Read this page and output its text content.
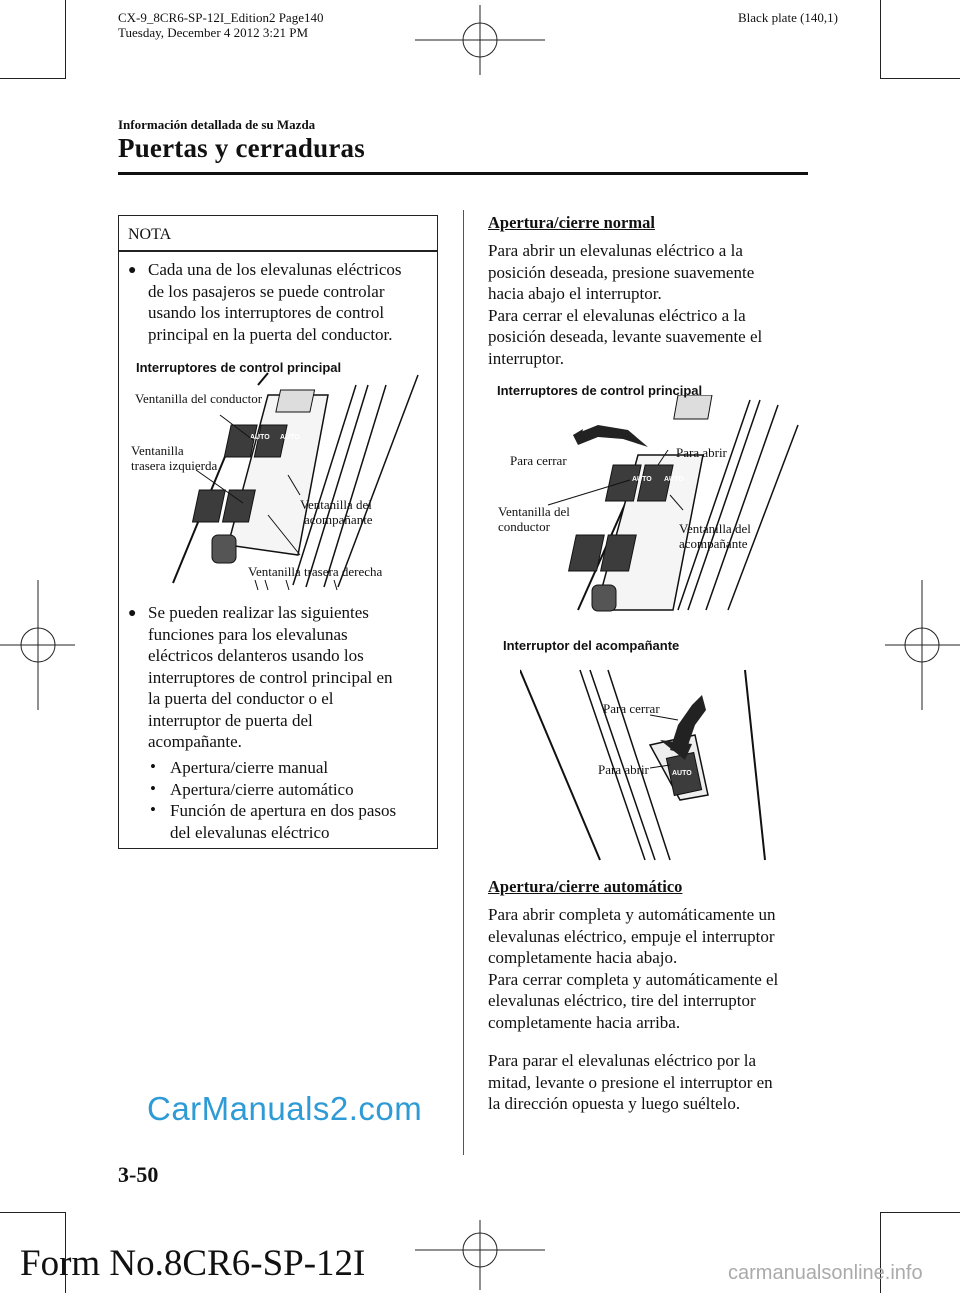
CX-9_8CR6-SP-12I_Edition2 Page140
Tuesday, December 4 2012 3:21 PM
Black plate (140,1)
Información detallada de su Mazda
Puertas y cerraduras
NOTA
● Cada una de los elevalunas eléctricos
de los pasajeros se puede controlar
usando los interruptores de control
principal en la puerta del conductor.
AUTO AUTO
Interruptores de control principal
Ventanilla del conductor
Ventanilla
trasera izquierda
Ventanilla del
acompañante
Ventanilla trasera derecha
● Se pueden realizar las siguientes
funciones para los elevalunas
eléctricos delanteros usando los
interruptores de control principal en
la puerta del conductor o el
interruptor de puerta del
acompañante.
• Apertura/cierre manual
• Apertura/cierre automático
• Función de apertura en dos pasos
del elevalunas eléctrico
Apertura/cierre normal
Para abrir un elevalunas eléctrico a la
posición deseada, presione suavemente
hacia abajo el interruptor.
Para cerrar el elevalunas eléctrico a la
posición deseada, levante suavemente el
interruptor.
AUTO AUTO
Interruptores de control principal
Para cerrar
Para abrir
Ventanilla del
conductor	Ventanilla del
acompañante
AUTO
Interruptor del acompañante
Para cerrar
Para abrir
Apertura/cierre automático
Para abrir completa y automáticamente un
elevalunas eléctrico, empuje el interruptor
completamente hacia abajo.
Para cerrar completa y automáticamente el
elevalunas eléctrico, tire del interruptor
completamente hacia arriba.
Para parar el elevalunas eléctrico por la
mitad, levante o presione el interruptor en
la dirección opuesta y luego suéltelo.
3-50
Form No.8CR6-SP-12I
CarManuals2.com
carmanualsonline.info
